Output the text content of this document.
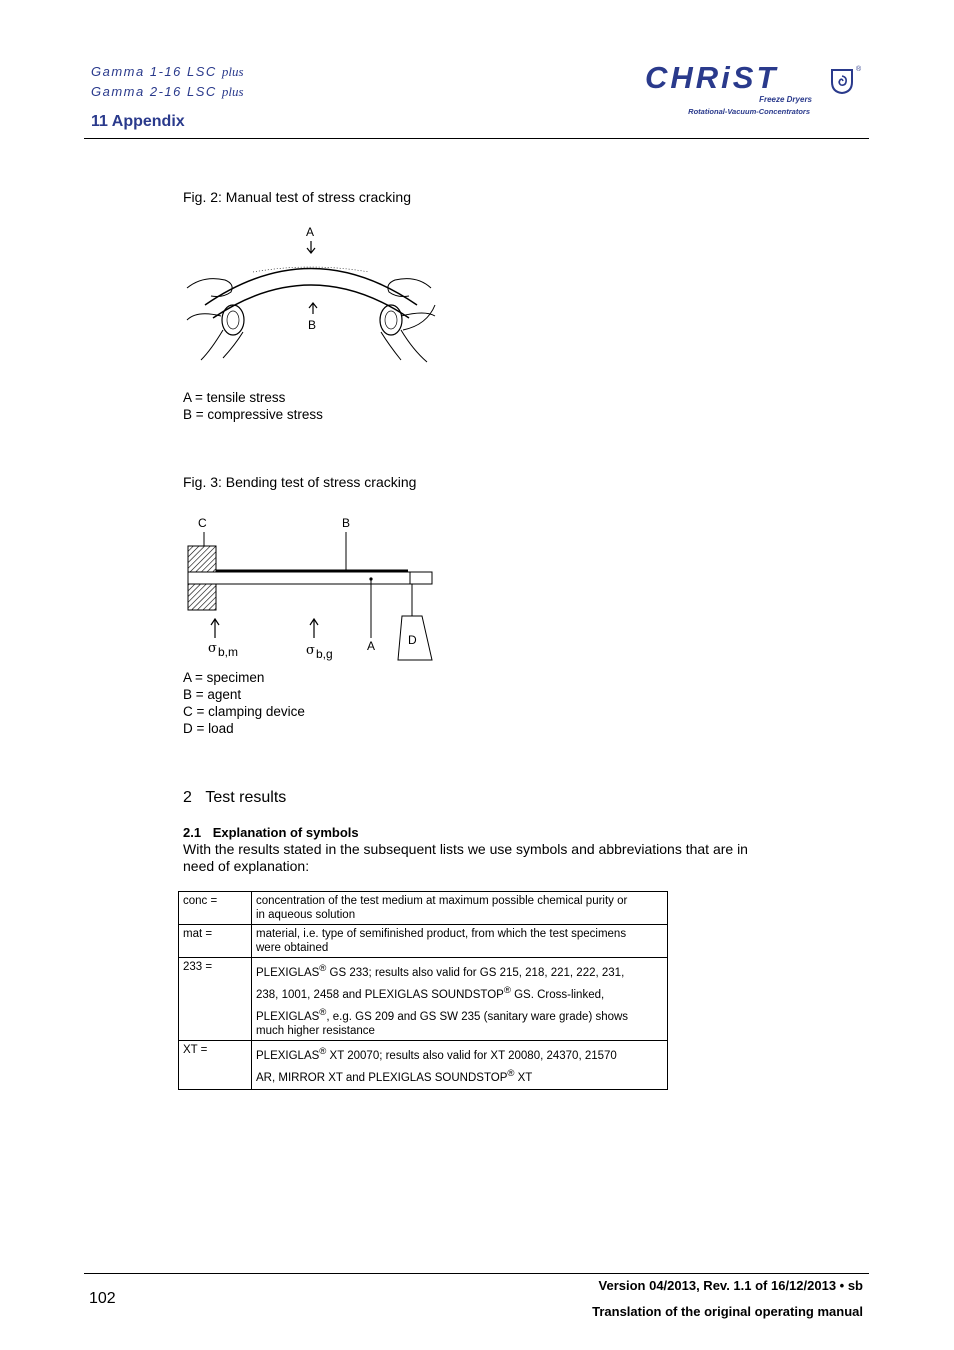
Gamma 1-16 LSC plus
Gamma 2-16 LSC plus
11 Appendix
CHRiST	®
Freeze Dryers
Rotational-Vacuum-Concentrators
Fig. 2: Manual test of stress cracking
A
B
A = tensile stress
B = compressive stress
Fig. 3: Bending test of stress cracking
C	B
A	D
σ b,m	σ b,g
A = specimen
B = agent
C = clamping device
D = load
2 Test results
2.1 Explanation of symbols
With the results stated in the subsequent lists we use symbols and abbreviations that are in
need of explanation:
conc =	concentration of the test medium at maximum possible chemical purity or
in aqueous solution

mat =	material, i.e. type of semifinished product, from which the test specimens
were obtained

233 =	PLEXIGLAS® GS 233; results also valid for GS 215, 218, 221, 222, 231,
238, 1001, 2458 and PLEXIGLAS SOUNDSTOP® GS. Cross-linked,
PLEXIGLAS®, e.g. GS 209 and GS SW 235 (sanitary ware grade) shows
much higher resistance

XT =	PLEXIGLAS® XT 20070; results also valid for XT 20080, 24370, 21570
AR, MIRROR XT and PLEXIGLAS SOUNDSTOP® XT
102
Version 04/2013, Rev. 1.1 of 16/12/2013 • sb
Translation of the original operating manual
